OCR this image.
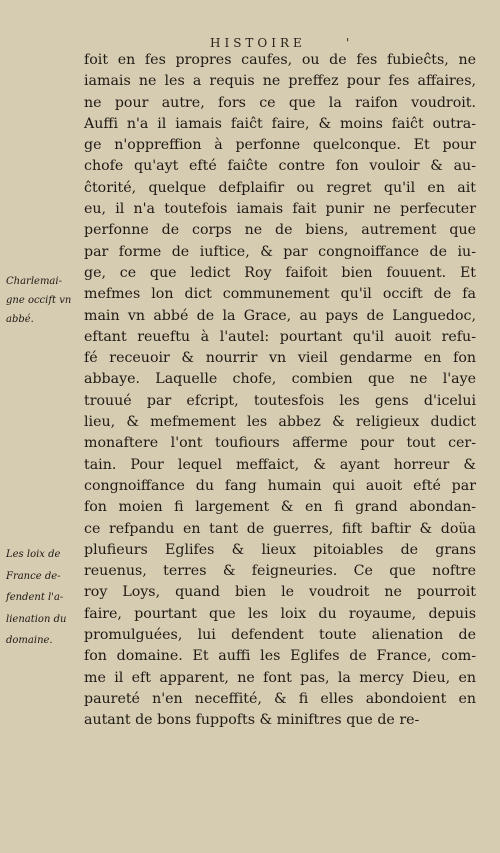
HISTOIRE	'
Charlemai-
gne occift vn
abbé.
Les loix de
France de-
fendent l'a-
lienation du
domaine.
foit en fes propres caufes, ou de fes fubieĉts, ne
iamais ne les a requis ne preffez pour fes affaires,
ne pour autre, fors ce que la raifon voudroit.
Auffi n'a il iamais faiĉt faire, & moins faiĉt outra-
ge n'oppreffion à perfonne quelconque. Et pour
chofe qu'ayt efté faiĉte contre fon vouloir & au-
ĉtorité, quelque defplaifir ou regret qu'il en ait
eu, il n'a toutefois iamais fait punir ne perfecuter
perfonne de corps ne de biens, autrement que
par forme de iuftice, & par congnoiffance de iu-
ge, ce que ledict Roy faifoit bien fouuent. Et
mefmes lon dict communement qu'il occift de fa
main vn abbé de la Grace, au pays de Languedoc,
eftant reueftu à l'autel: pourtant qu'il auoit refu-
fé receuoir & nourrir vn vieil gendarme en fon
abbaye. Laquelle chofe, combien que ne l'aye
trouué par efcript, toutesfois les gens d'icelui
lieu, & mefmement les abbez & religieux dudict
monaftere l'ont toufiours afferme pour tout cer-
tain. Pour lequel meffaict, & ayant horreur &
congnoiffance du fang humain qui auoit efté par
fon moien fi largement & en fi grand abondan-
ce refpandu en tant de guerres, fift baftir & doüa
plufieurs Eglifes & lieux pitoiables de grans
reuenus, terres & feigneuries. Ce que noftre
roy Loys, quand bien le voudroit ne pourroit
faire, pourtant que les loix du royaume, depuis
promulguées, lui defendent toute alienation de
fon domaine. Et auffi les Eglifes de France, com-
me il eft apparent, ne font pas, la mercy Dieu, en
paureté n'en neceffité, & fi elles abondoient en
autant de bons fuppofts & miniftres que de re-
